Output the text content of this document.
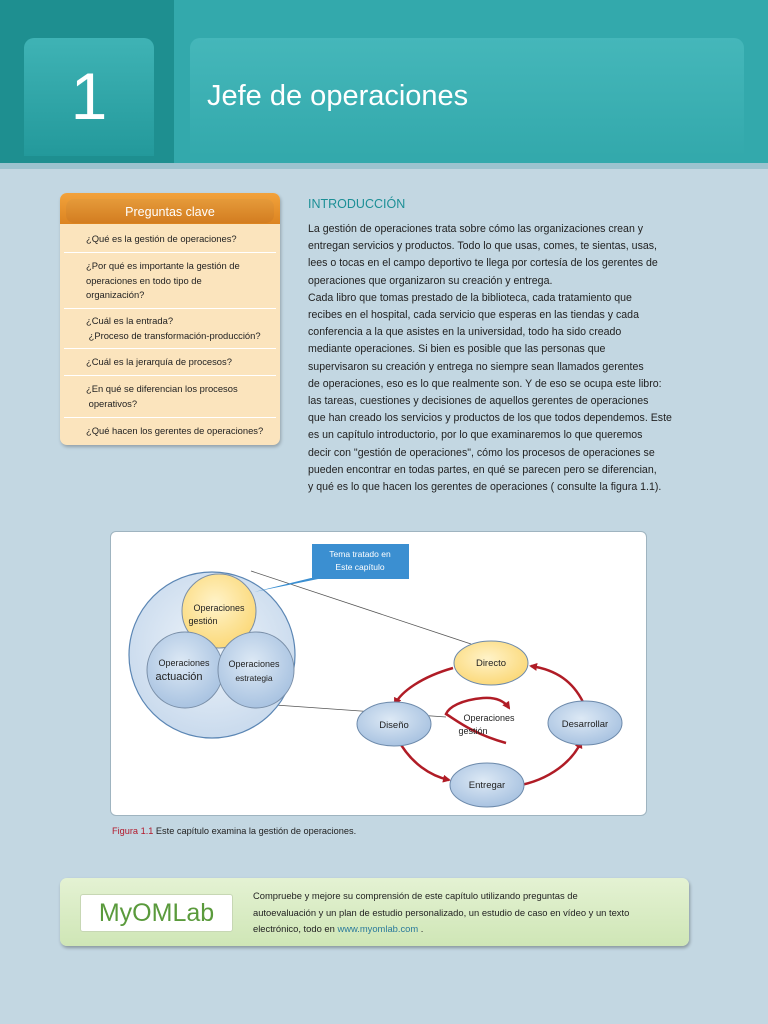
1	Jefe de operaciones
Preguntas clave
¿Qué es la gestión de operaciones?
¿Por qué es importante la gestión de
operaciones en todo tipo de
organización?
¿Cuál es la entrada?
¿Proceso de transformación-producción?
¿Cuál es la jerarquía de procesos?
¿En qué se diferencian los procesos
operativos?
¿Qué hacen los gerentes de operaciones?
INTRODUCCIÓN
La gestión de operaciones trata sobre cómo las organizaciones crean y
entregan servicios y productos. Todo lo que usas, comes, te sientas, usas,
lees o tocas en el campo deportivo te llega por cortesía de los gerentes de
operaciones que organizaron su creación y entrega.
Cada libro que tomas prestado de la biblioteca, cada tratamiento que
recibes en el hospital, cada servicio que esperas en las tiendas y cada
conferencia a la que asistes en la universidad, todo ha sido creado
mediante operaciones. Si bien es posible que las personas que
supervisaron su creación y entrega no siempre sean llamados gerentes
de operaciones, eso es lo que realmente son. Y de eso se ocupa este libro:
las tareas, cuestiones y decisiones de aquellos gerentes de operaciones
que han creado los servicios y productos de los que todos dependemos. Este
es un capítulo introductorio, por lo que examinaremos lo que queremos
decir con "gestión de operaciones", cómo los procesos de operaciones se
pueden encontrar en todas partes, en qué se parecen pero se diferencian,
y qué es lo que hacen los gerentes de operaciones ( consulte la figura 1.1).
Operaciones
gestión
Operaciones
actuación
Operaciones
estrategia
Tema tratado en
Este capítulo
Operaciones
gestión
Directo
Diseño	Desarrollar
Entregar
Figura 1.1 Este capítulo examina la gestión de operaciones.
MyOMLab
Compruebe y mejore su comprensión de este capítulo utilizando preguntas de
autoevaluación y un plan de estudio personalizado, un estudio de caso en vídeo y un texto
electrónico, todo en www.myomlab.com .
